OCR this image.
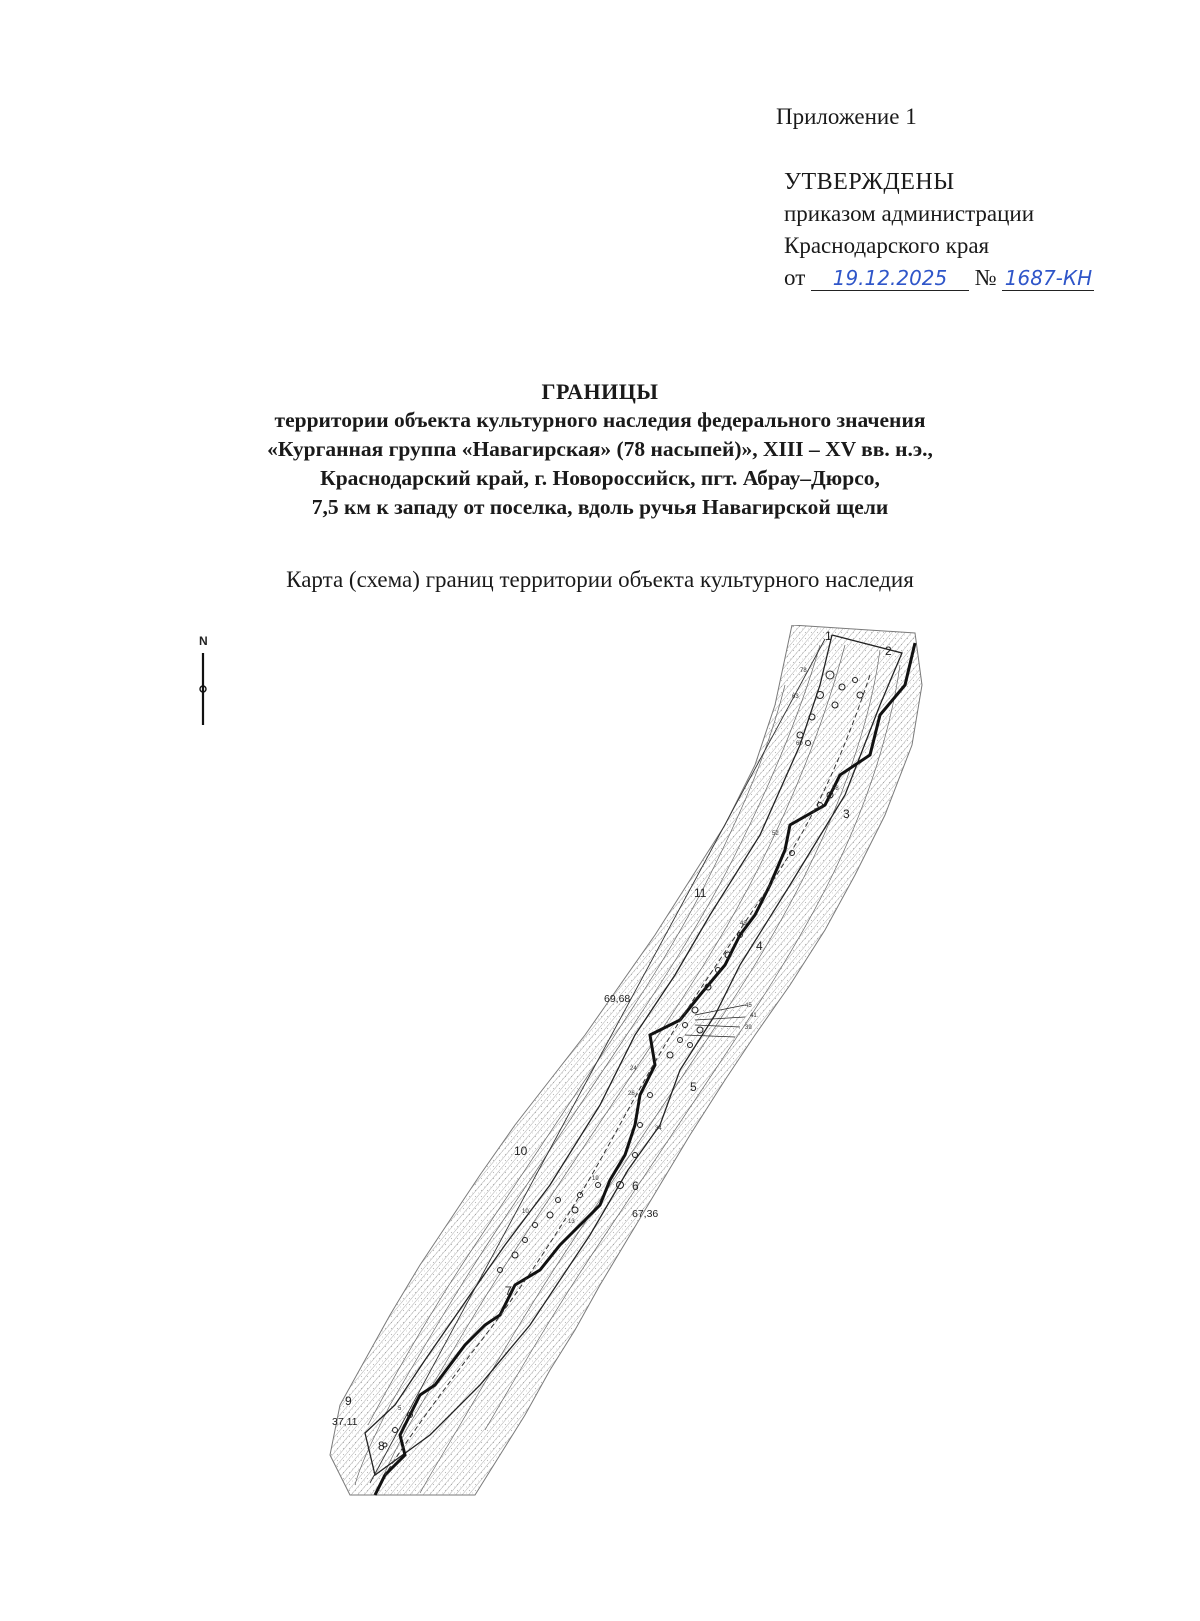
Приложение 1
УТВЕРЖДЕНЫ
приказом администрации
Краснодарского края
от 19.12.2025 № 1687-КН
ГРАНИЦЫ
территории объекта культурного наследия федерального значения
«Курганная группа «Навагирская» (78 насыпей)», XIII – XV вв. н.э.,
Краснодарский край, г. Новороссийск, пгт. Абрау–Дюрсо,
7,5 км к западу от поселка, вдоль ручья Навагирской щели
Карта (схема) границ территории объекта культурного наследия
N
78
63
60
58
52
48
45
41
39
34
26
24
19
13
10
5
1
2
3
4
5
6
7
8
9
10
11
69,68
67,36
37,11
